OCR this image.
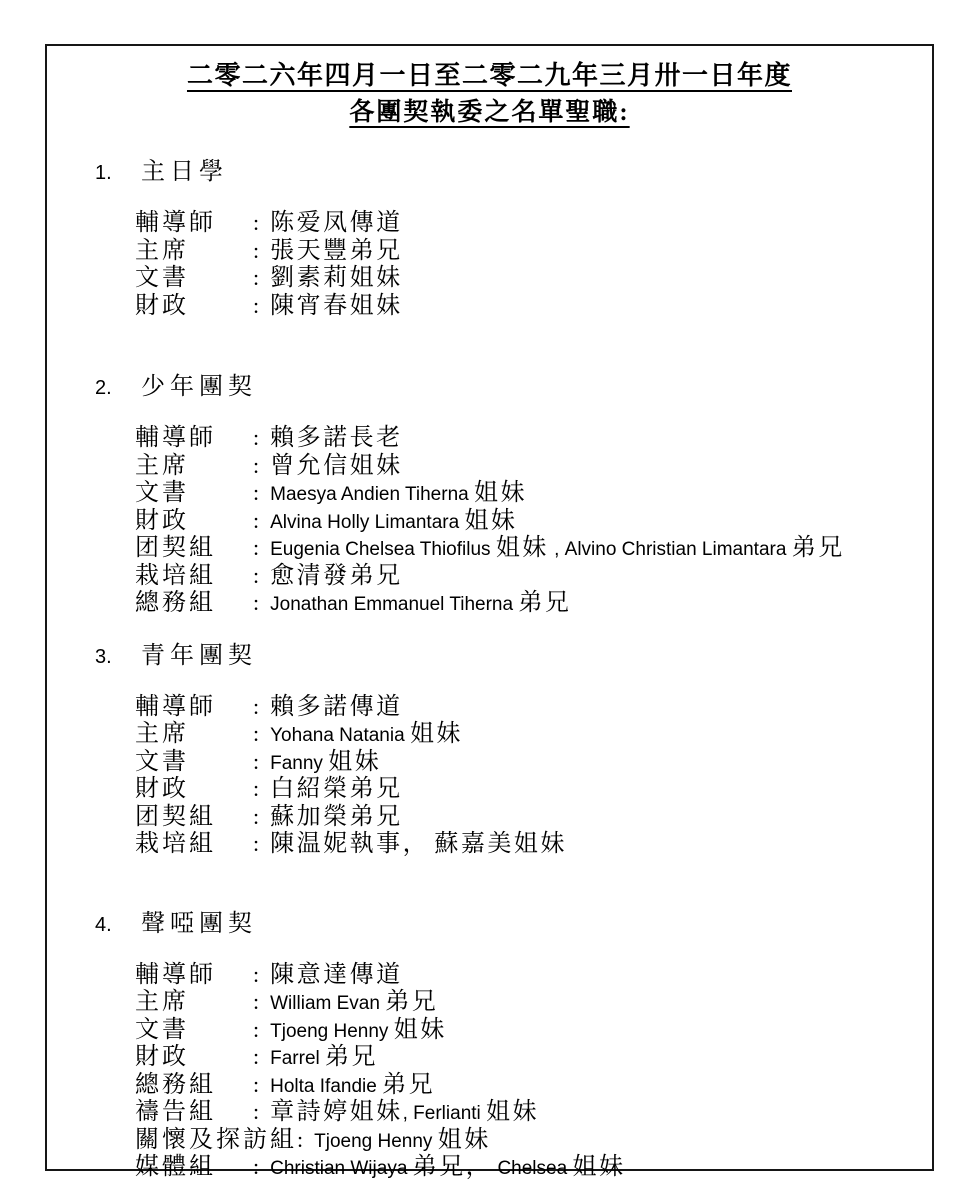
二零二六年四月一日至二零二九年三月卅一日年度
各團契執委之名單聖職:
1. 主日學
輔導師 : 陈爱凤傳道
主席	: 張天豐弟兄
文書	: 劉素莉姐妹
財政	: 陳宵春姐妹
2. 少年團契
輔導師 : 賴多諾長老
主席	: 曾允信姐妹
文書	: Maesya Andien Tiherna 姐妹
財政	: Alvina Holly Limantara 姐妹
团契組 : Eugenia Chelsea Thiofilus 姐妹 , Alvino Christian Limantara 弟兄
栽培組 : 愈清發弟兄
總務組 : Jonathan Emmanuel Tiherna 弟兄
3. 青年團契
輔導師 : 賴多諾傳道
主席	: Yohana Natania 姐妹
文書	: Fanny 姐妹
財政	: 白紹榮弟兄
团契組 : 蘇加榮弟兄
栽培組 : 陳温妮執事， 蘇嘉美姐妹
4. 聲啞團契
輔導師 : 陳意達傳道
主席	: William Evan 弟兄
文書	: Tjoeng Henny 姐妹
財政	: Farrel 弟兄
總務組 : Holta Ifandie 弟兄
禱告組 : 章詩婷姐妹, Ferlianti 姐妹
關懷及探訪組: Tjoeng Henny 姐妹
媒體組 : Christian Wijaya 弟兄， Chelsea 姐妹
